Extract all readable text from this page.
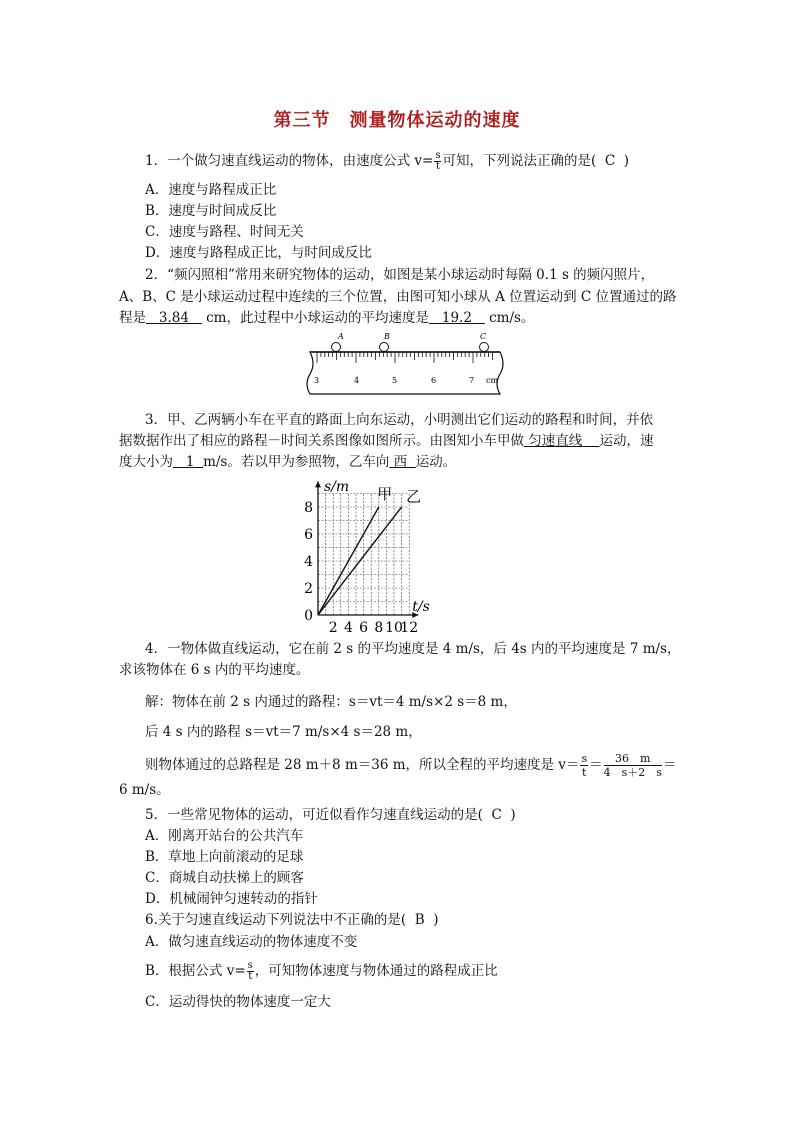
第三节　测量物体运动的速度
1．一个做匀速直线运动的物体，由速度公式 $v= \frac{s}{t}$ 可知，下列说法正确的是( C )
A．速度与路程成正比
B．速度与时间成反比
C．速度与路程、时间无关
D．速度与路程成正比，与时间成反比
2．“频闪照相”常用来研究物体的运动，如图是某小球运动时每隔 0.1 s 的频闪照片，
A、B、C 是小球运动过程中连续的三个位置，由图可知小球从 A 位置运动到 C 位置通过的路
程是 3.84 cm，此过程中小球运动的平均速度是 19.2 cm/s。
A	B	C
3	4	5	6	7 cm
3．甲、乙两辆小车在平直的路面上向东运动，小明测出它们运动的路程和时间，并依
据数据作出了相应的路程－时间关系图像如图所示。由图知小车甲做 匀速直线 运动，速
度大小为 1 m/s。若以甲为参照物，乙车向 西 运动。
2 4 6 8 10
12
2
4
6
8
0
s/m
t/s
甲 乙
4．一物体做直线运动，它在前 2 s 的平均速度是 4 m/s，后 4s 内的平均速度是 7 m/s，
求该物体在 6 s 内的平均速度。
解：物体在前 2 s 内通过的路程：s＝vt＝4 m/s×2 s＝8 m，
后 4 s 内的路程 s＝vt＝7 m/s×4 s＝28 m，
则物体通过的总路程是 28 m＋8 m＝36 m，所以全程的平均速度是 $v= \frac{s}{t} = \frac{36 m}{4 s+2 s}$ ＝
6 m/s。
5．一些常见物体的运动，可近似看作匀速直线运动的是( C )
A．刚离开站台的公共汽车
B．草地上向前滚动的足球
C．商城自动扶梯上的顾客
D．机械闹钟匀速转动的指针
6.关于匀速直线运动下列说法中不正确的是( B )
A．做匀速直线运动的物体速度不变
B．根据公式 $v= \frac{s}{t}$ ，可知物体速度与物体通过的路程成正比
C．运动得快的物体速度一定大
